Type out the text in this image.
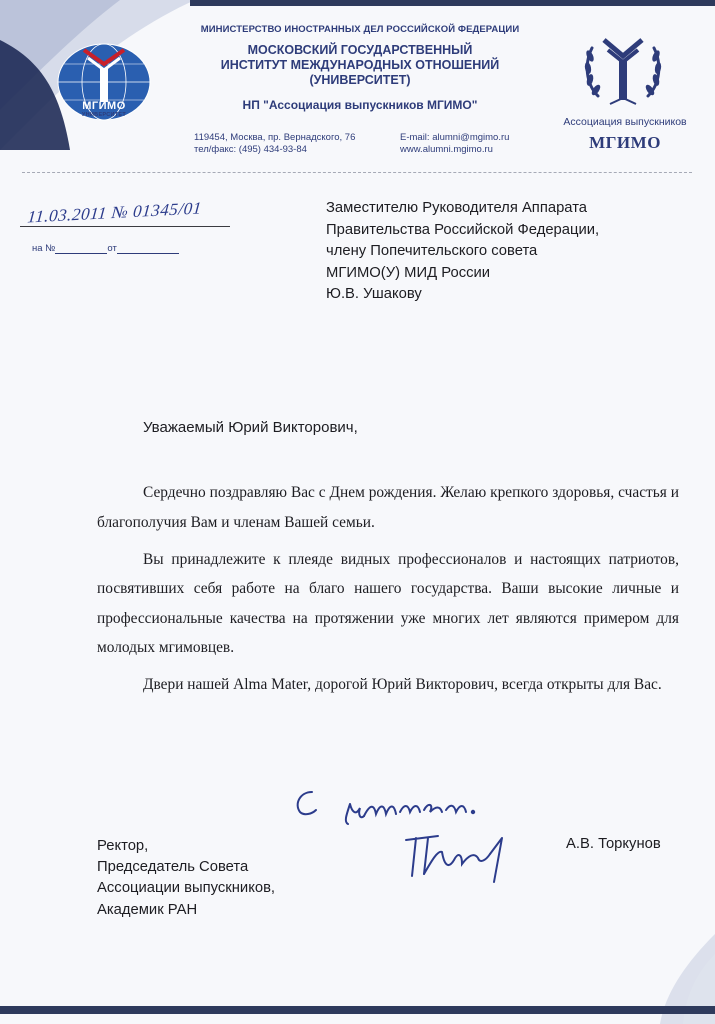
МГИМО
УНИВЕРСИТЕТ
МИНИСТЕРСТВО ИНОСТРАННЫХ ДЕЛ РОССИЙСКОЙ ФЕДЕРАЦИИ
МОСКОВСКИЙ ГОСУДАРСТВЕННЫЙ
ИНСТИТУТ МЕЖДУНАРОДНЫХ ОТНОШЕНИЙ
(УНИВЕРСИТЕТ)
НП "Ассоциация выпускников МГИМО"
119454, Москва, пр. Вернадского, 76
тел/факс: (495) 434-93-84
E-mail: alumni@mgimo.ru
www.alumni.mgimo.ru
Ассоциация выпускников
МГИМО
11.03.2011 № 01345/01
на №	от
Заместителю Руководителя Аппарата
Правительства Российской Федерации,
члену Попечительского совета
МГИМО(У) МИД России
Ю.В. Ушакову
Уважаемый Юрий Викторович,

Сердечно поздравляю Вас с Днем рождения. Желаю крепкого здоровья, счастья и благополучия Вам и членам Вашей семьи.

Вы принадлежите к плеяде видных профессионалов и настоящих патриотов, посвятивших себя работе на благо нашего государства. Ваши высокие личные и профессиональные качества на протяжении уже многих лет являются примером для молодых мгимовцев.

Двери нашей Alma Mater, дорогой Юрий Викторович, всегда открыты для Вас.

Ректор,
Председатель Совета
Ассоциации выпускников,
Академик РАН
А.В. Торкунов
